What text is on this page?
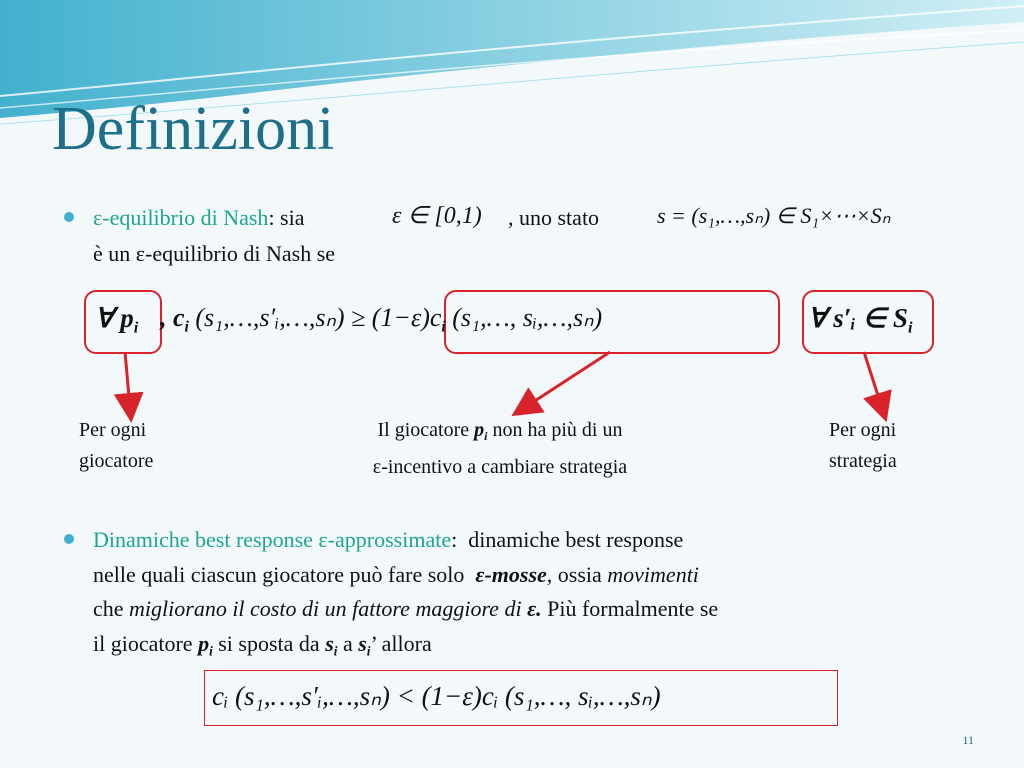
Definizioni
ε-equilibrio di Nash: sia	ε ∈ [0,1) , uno stato	s = (s₁,…,sₙ) ∈ S₁×⋯×Sₙ
è un ε-equilibrio di Nash se
∀ $p_i$ , $c_i$ (s₁,…,s′ᵢ,…,sₙ) ≥ $(1-\varepsilon)c_i$ (s₁,…, sᵢ,…,sₙ)	∀ s′ᵢ ∈ $S_i$
Per ogni
giocatore
Il giocatore $p_i$ non ha più di un
ε-incentivo a cambiare strategia
Per ogni
strategia
Dinamiche best response ε-approssimate: dinamiche best response
nelle quali ciascun giocatore può fare solo ε-mosse, ossia movimenti
che migliorano il costo di un fattore maggiore di ε. Più formalmente se
il giocatore $p_i$ si sposta da $s_i$ a $s_i$’ allora
cᵢ (s₁,…,s′ᵢ,…,sₙ) < (1−ε)cᵢ (s₁,…, sᵢ,…,sₙ)
11
